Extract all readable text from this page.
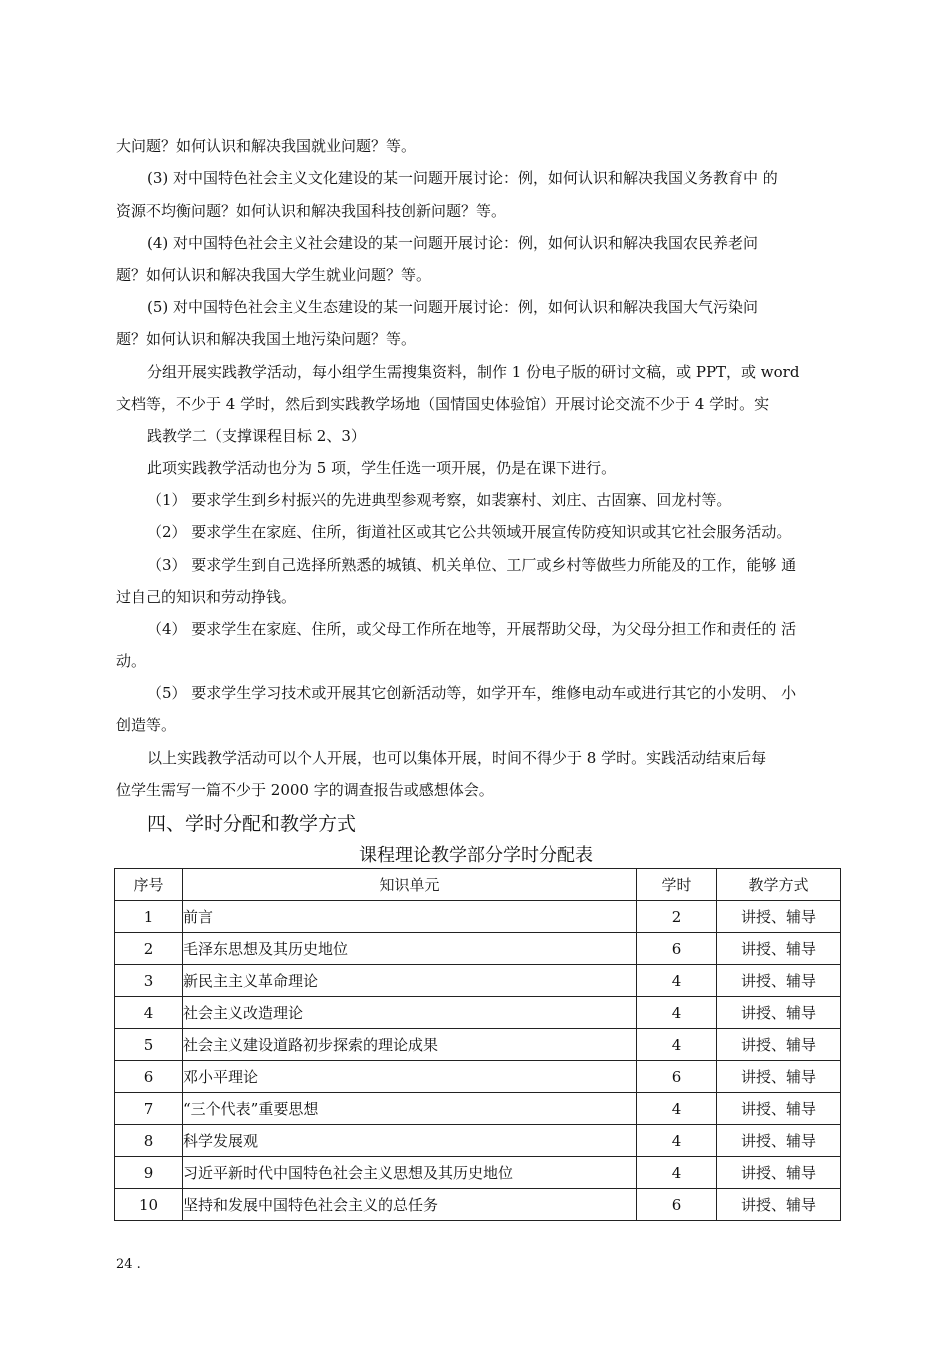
大问题？如何认识和解决我国就业问题？等。
(3) 对中国特色社会主义文化建设的某一问题开展讨论：例，如何认识和解决我国义务教育中 的
资源不均衡问题？如何认识和解决我国科技创新问题？等。
(4) 对中国特色社会主义社会建设的某一问题开展讨论：例，如何认识和解决我国农民养老问
题？如何认识和解决我国大学生就业问题？等。
(5) 对中国特色社会主义生态建设的某一问题开展讨论：例，如何认识和解决我国大气污染问
题？如何认识和解决我国土地污染问题？等。
分组开展实践教学活动，每小组学生需搜集资料，制作 1 份电子版的研讨文稿，或 PPT，或 word
文档等，不少于 4 学时，然后到实践教学场地（国情国史体验馆）开展讨论交流不少于 4 学时。实
践教学二（支撑课程目标 2、3）
此项实践教学活动也分为 5 项，学生任选一项开展，仍是在课下进行。
（1） 要求学生到乡村振兴的先进典型参观考察，如裴寨村、刘庄、古固寨、回龙村等。
（2） 要求学生在家庭、住所，街道社区或其它公共领域开展宣传防疫知识或其它社会服务活动。
（3） 要求学生到自己选择所熟悉的城镇、机关单位、工厂或乡村等做些力所能及的工作，能够 通
过自己的知识和劳动挣钱。
（4） 要求学生在家庭、住所，或父母工作所在地等，开展帮助父母，为父母分担工作和责任的 活
动。
（5） 要求学生学习技术或开展其它创新活动等，如学开车，维修电动车或进行其它的小发明、 小
创造等。
以上实践教学活动可以个人开展，也可以集体开展，时间不得少于 8 学时。实践活动结束后每
位学生需写一篇不少于 2000 字的调查报告或感想体会。
四、学时分配和教学方式
课程理论教学部分学时分配表
序号	知识单元	学时	教学方式
1	前言	2	讲授、辅导
2	毛泽东思想及其历史地位	6	讲授、辅导
3	新民主主义革命理论	4	讲授、辅导
4	社会主义改造理论	4	讲授、辅导
5	社会主义建设道路初步探索的理论成果	4	讲授、辅导
6	邓小平理论	6	讲授、辅导
7	“三个代表”重要思想	4	讲授、辅导
8	科学发展观	4	讲授、辅导
9	习近平新时代中国特色社会主义思想及其历史地位	4	讲授、辅导
10	坚持和发展中国特色社会主义的总任务	6	讲授、辅导
24 .
